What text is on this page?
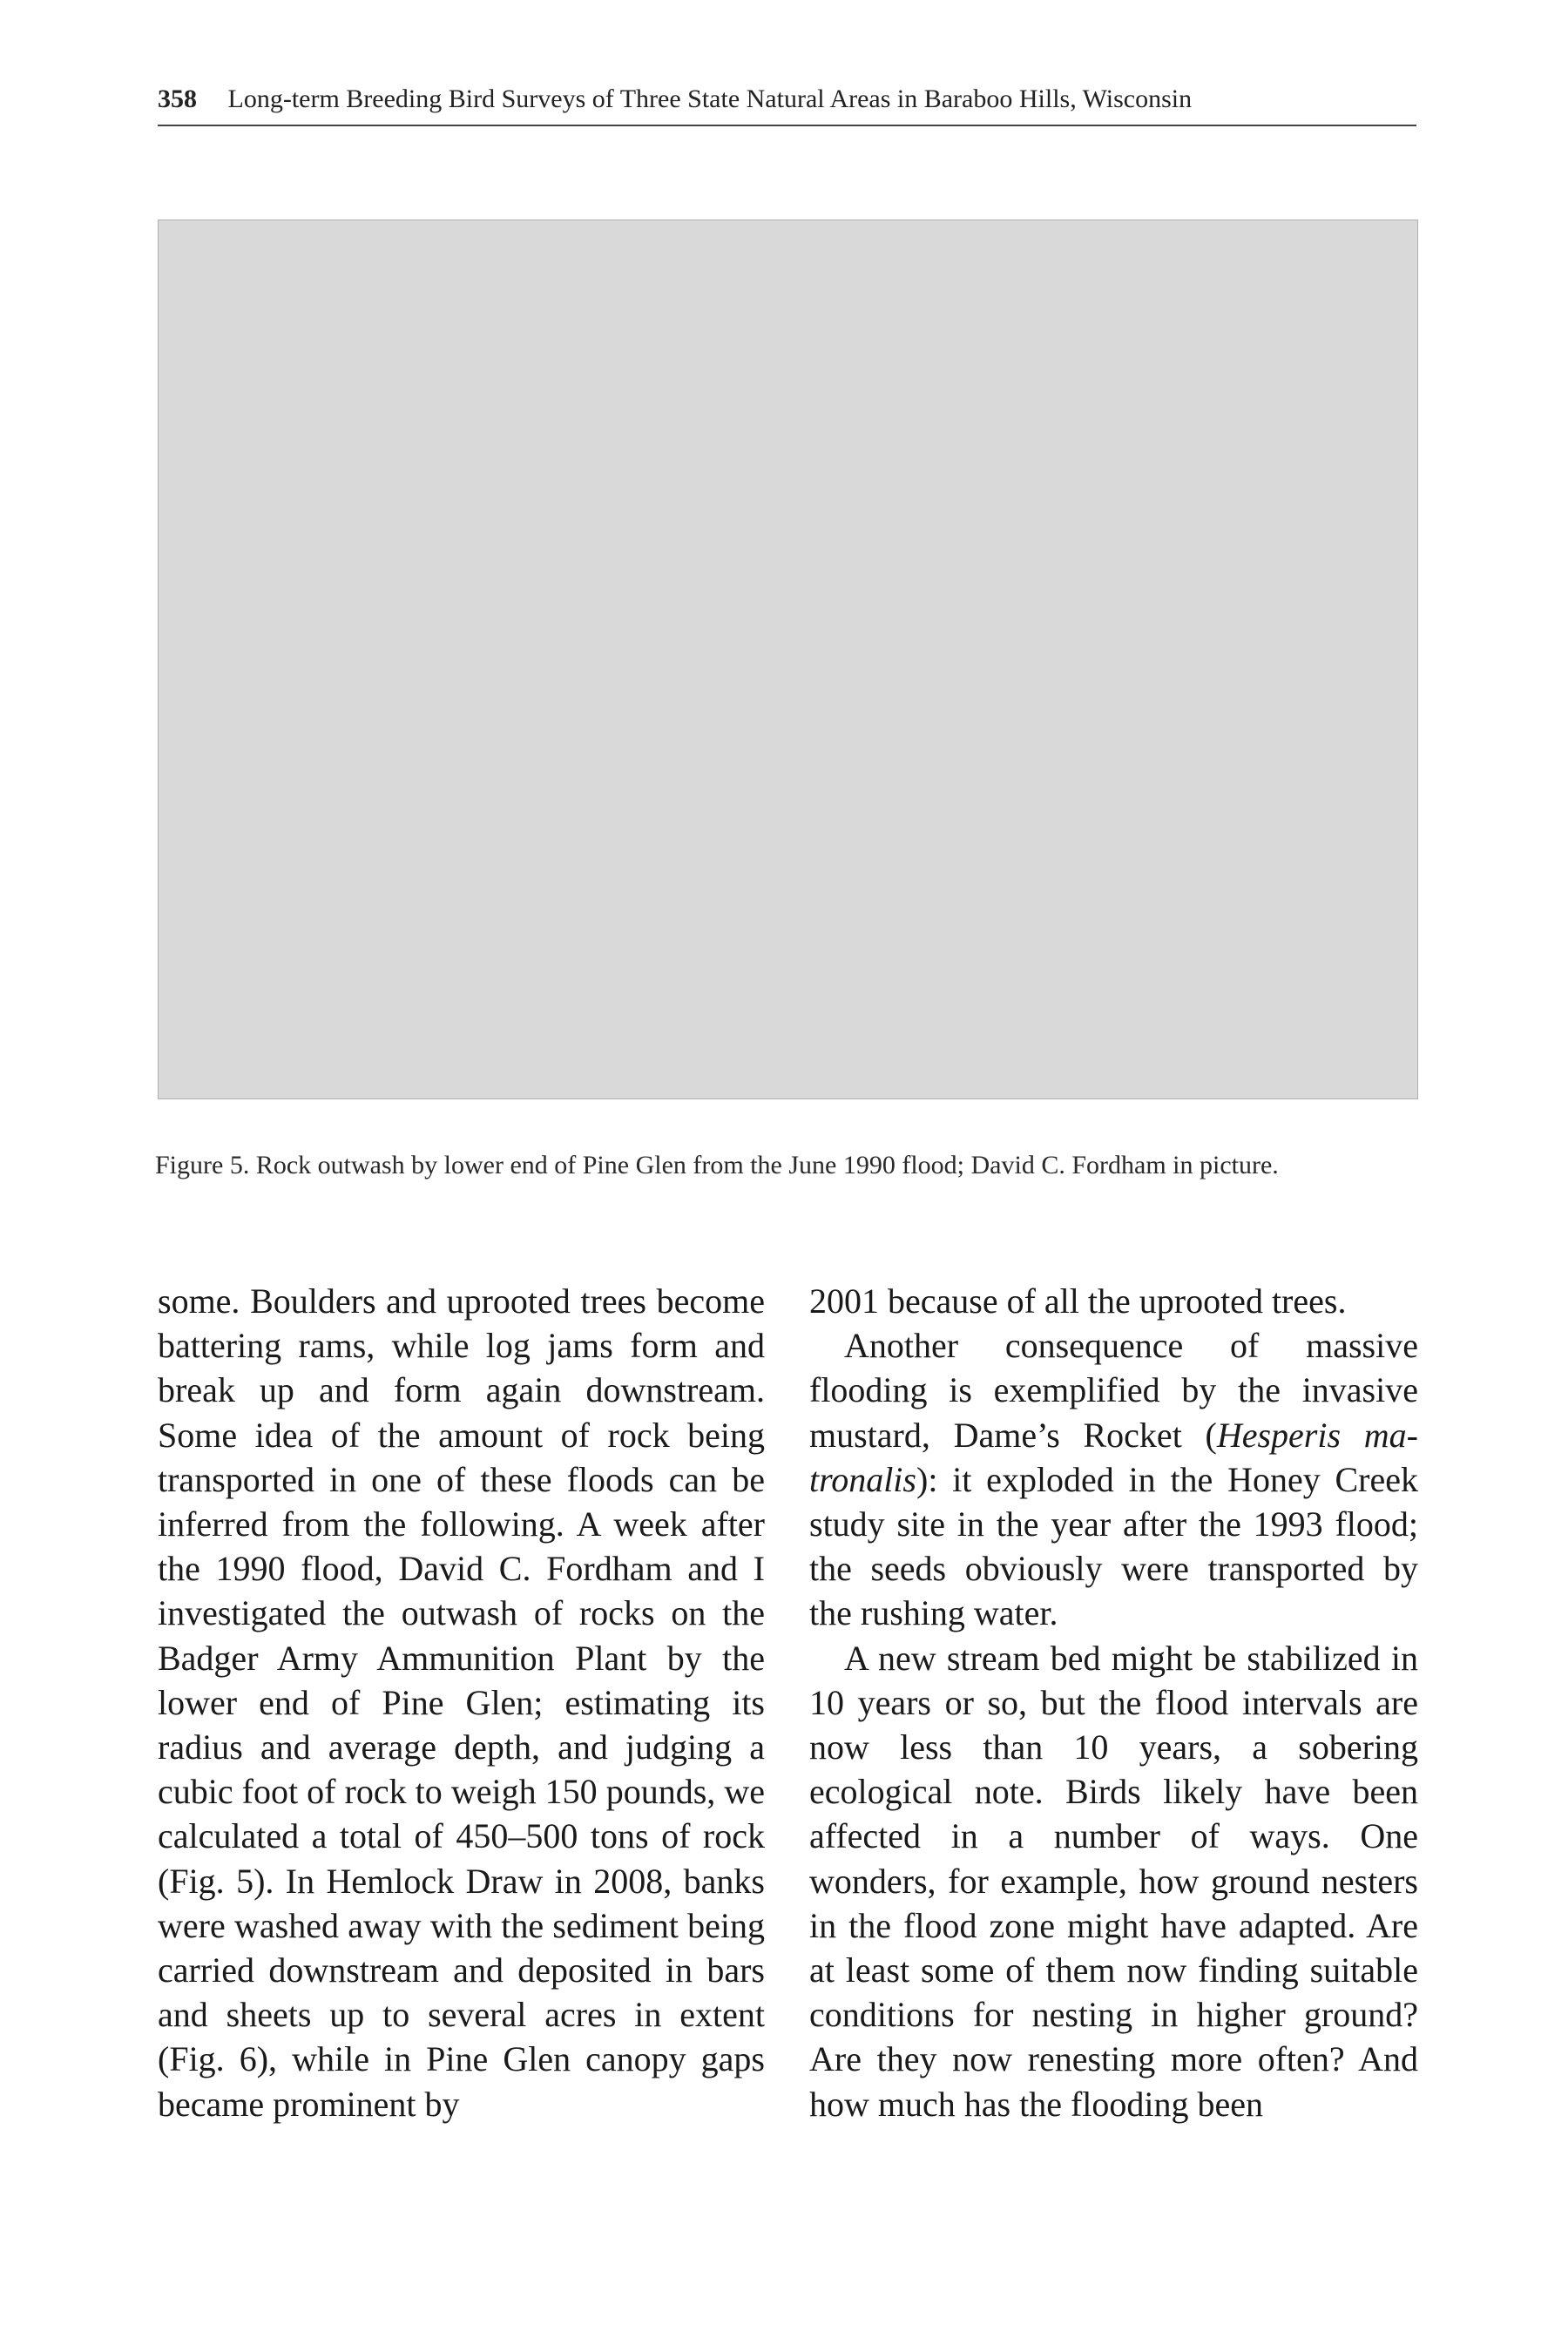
358 Long-term Breeding Bird Surveys of Three State Natural Areas in Baraboo Hills, Wisconsin
Figure 5. Rock outwash by lower end of Pine Glen from the June 1990 flood; David C. Fordham in picture.

some. Boulders and uprooted trees become battering rams, while log jams form and break up and form again downstream. Some idea of the amount of rock being transported in one of these floods can be inferred from the following. A week after the 1990 flood, David C. Fordham and I investigated the outwash of rocks on the Badger Army Ammunition Plant by the lower end of Pine Glen; estimating its radius and average depth, and judging a cubic foot of rock to weigh 150 pounds, we calculated a total of 450–500 tons of rock (Fig. 5). In Hemlock Draw in 2008, banks were washed away with the sediment being carried downstream and deposited in bars and sheets up to several acres in extent (Fig. 6), while in Pine Glen canopy gaps became prominent by

2001 because of all the uprooted trees.

Another consequence of massive flooding is exemplified by the invasive mustard, Dame’s Rocket (Hesperis matronalis): it exploded in the Honey Creek study site in the year after the 1993 flood; the seeds obviously were transported by the rushing water.

A new stream bed might be stabilized in 10 years or so, but the flood intervals are now less than 10 years, a sobering ecological note. Birds likely have been affected in a number of ways. One wonders, for example, how ground nesters in the flood zone might have adapted. Are at least some of them now finding suitable conditions for nesting in higher ground? Are they now renesting more often? And how much has the flooding been
